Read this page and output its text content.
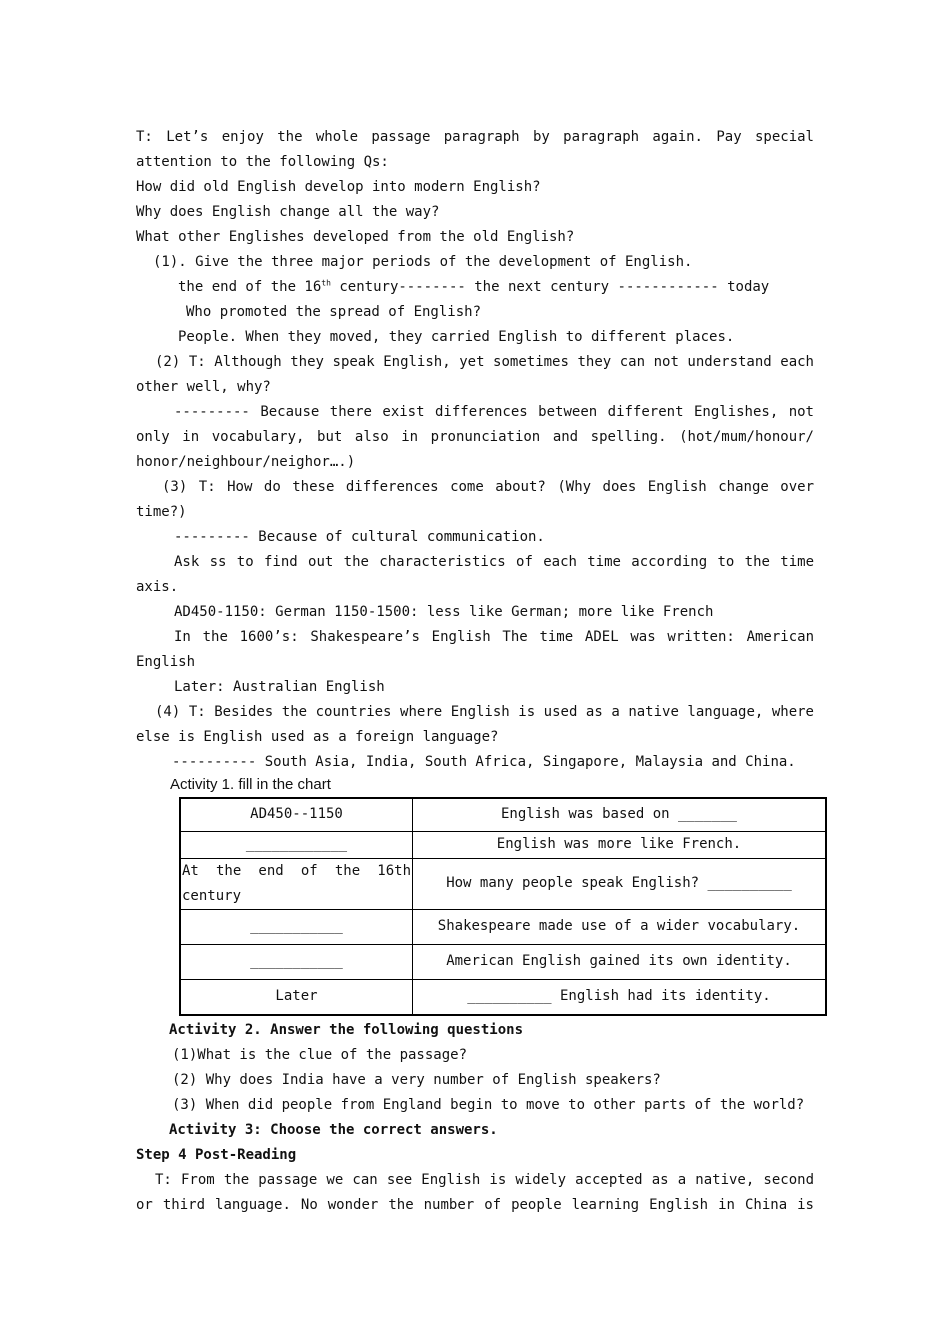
T: Let’s enjoy the whole passage paragraph by paragraph again. Pay special
attention to the following Qs:
How did old English develop into modern English?
Why does English change all the way?
What other Englishes developed from the old English?
(1). Give the three major periods of the development of English.
the end of the 16th century-------- the next century ------------ today
Who promoted the spread of English?
People. When they moved, they carried English to different places.
(2) T: Although they speak English, yet sometimes they can not understand each
other well, why?
--------- Because there exist differences between different Englishes, not
only in vocabulary, but also in pronunciation and spelling. (hot/mum/honour/
honor/neighbour/neighor….)
(3) T: How do these differences come about? (Why does English change over
time?)
--------- Because of cultural communication.
Ask ss to find out the characteristics of each time according to the time
axis.
AD450-1150: German 1150-1500: less like German; more like French
In the 1600’s: Shakespeare’s English The time ADEL was written: American
English
Later: Australian English
(4) T: Besides the countries where English is used as a native language, where
else is English used as a foreign language?
---------- South Asia, India, South Africa, Singapore, Malaysia and China.
Activity 1. fill in the chart
AD450--1150	English was based on _______
____________	English was more like French.
At the end of the 16th century	How many people speak English? __________
___________	Shakespeare made use of a wider vocabulary.
___________	American English gained its own identity.
Later	__________ English had its identity.
Activity 2. Answer the following questions
(1)What is the clue of the passage?
(2) Why does India have a very number of English speakers?
(3) When did people from England begin to move to other parts of the world?
Activity 3: Choose the correct answers.
Step 4 Post-Reading
T: From the passage we can see English is widely accepted as a native, second
or third language. No wonder the number of people learning English in China is
